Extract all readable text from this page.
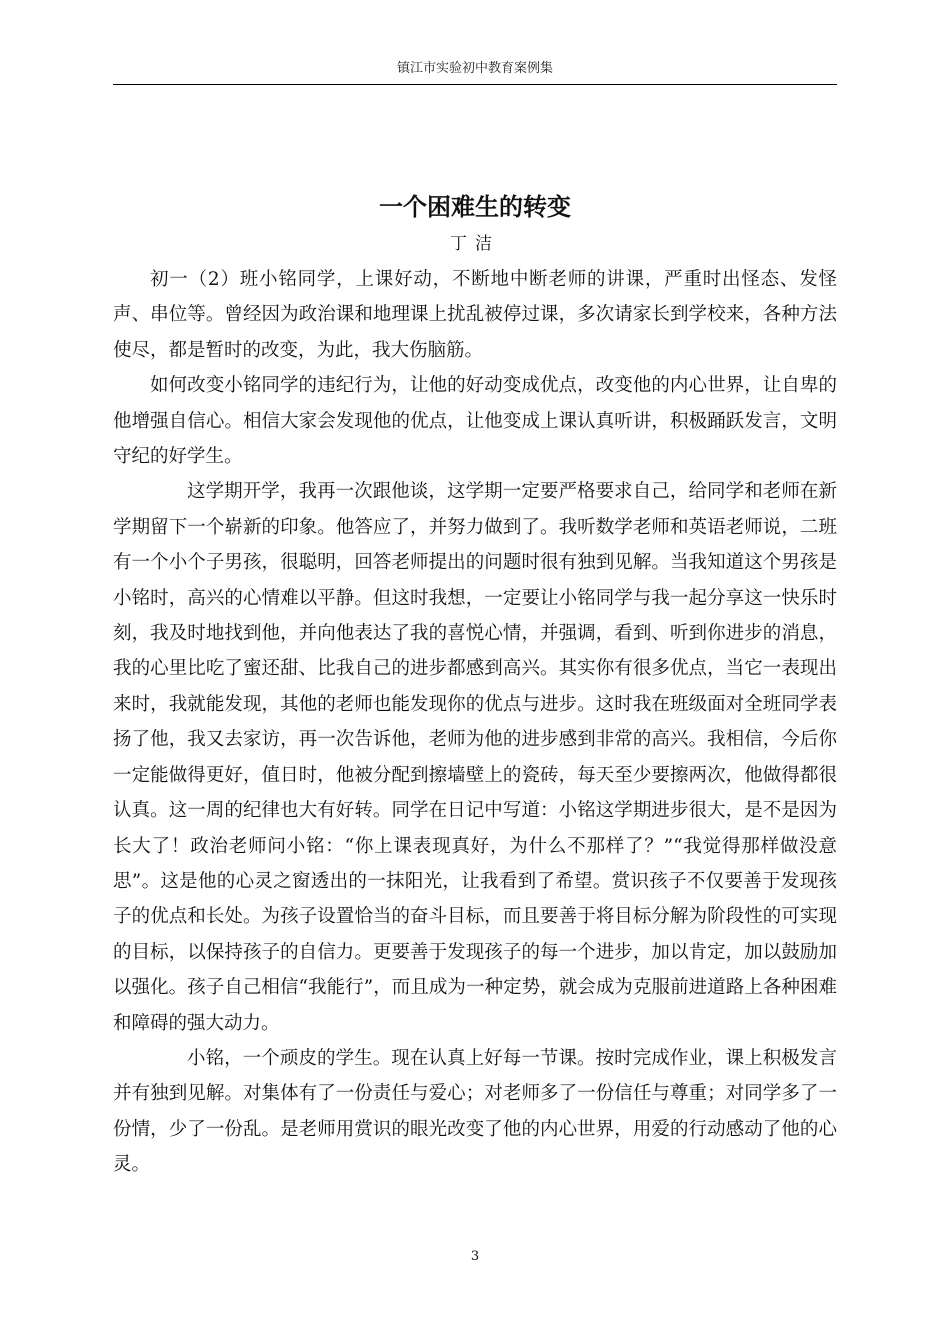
镇江市实验初中教育案例集
一个困难生的转变
丁洁

初一（2）班小铭同学，上课好动，不断地中断老师的讲课，严重时出怪态、发怪声、串位等。曾经因为政治课和地理课上扰乱被停过课，多次请家长到学校来，各种方法使尽，都是暂时的改变，为此，我大伤脑筋。

如何改变小铭同学的违纪行为，让他的好动变成优点，改变他的内心世界，让自卑的他增强自信心。相信大家会发现他的优点，让他变成上课认真听讲，积极踊跃发言，文明守纪的好学生。

这学期开学，我再一次跟他谈，这学期一定要严格要求自己，给同学和老师在新学期留下一个崭新的印象。他答应了，并努力做到了。我听数学老师和英语老师说，二班有一个小个子男孩，很聪明，回答老师提出的问题时很有独到见解。当我知道这个男孩是小铭时，高兴的心情难以平静。但这时我想，一定要让小铭同学与我一起分享这一快乐时刻，我及时地找到他，并向他表达了我的喜悦心情，并强调，看到、听到你进步的消息，我的心里比吃了蜜还甜、比我自己的进步都感到高兴。其实你有很多优点，当它一表现出来时，我就能发现，其他的老师也能发现你的优点与进步。这时我在班级面对全班同学表扬了他，我又去家访，再一次告诉他，老师为他的进步感到非常的高兴。我相信，今后你一定能做得更好，值日时，他被分配到擦墙壁上的瓷砖，每天至少要擦两次，他做得都很认真。这一周的纪律也大有好转。同学在日记中写道：小铭这学期进步很大，是不是因为长大了！政治老师问小铭：“你上课表现真好，为什么不那样了？”“我觉得那样做没意思”。这是他的心灵之窗透出的一抹阳光，让我看到了希望。赏识孩子不仅要善于发现孩子的优点和长处。为孩子设置恰当的奋斗目标，而且要善于将目标分解为阶段性的可实现的目标，以保持孩子的自信力。更要善于发现孩子的每一个进步，加以肯定，加以鼓励加以强化。孩子自己相信“我能行”，而且成为一种定势，就会成为克服前进道路上各种困难和障碍的强大动力。

小铭，一个顽皮的学生。现在认真上好每一节课。按时完成作业，课上积极发言并有独到见解。对集体有了一份责任与爱心；对老师多了一份信任与尊重；对同学多了一份情，少了一份乱。是老师用赏识的眼光改变了他的内心世界，用爱的行动感动了他的心灵。

3
